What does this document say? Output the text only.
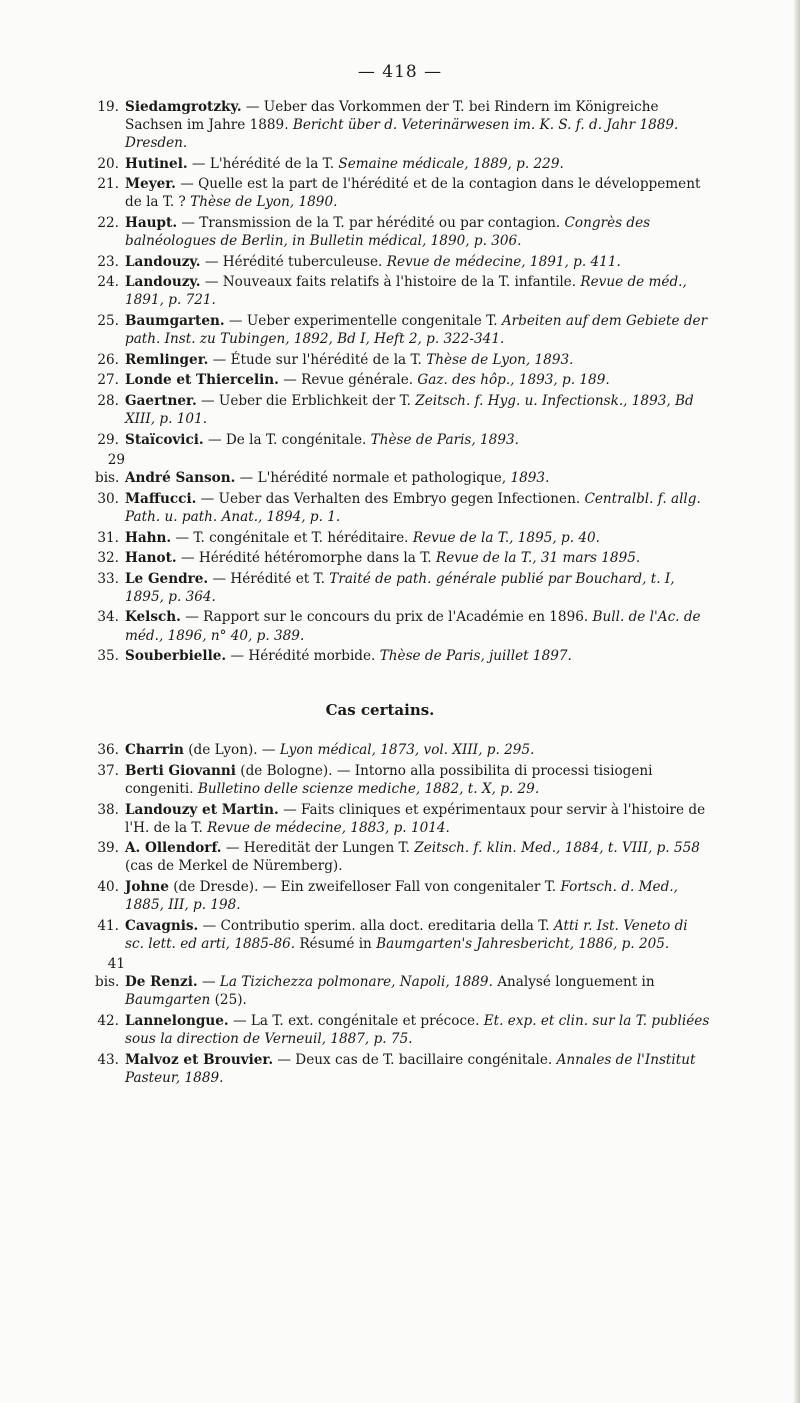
— 418 —
19. Siedamgrotzky. — Ueber das Vorkommen der T. bei Rindern im Königreiche Sachsen im Jahre 1889. Bericht über d. Veterinärwesen im. K. S. f. d. Jahr 1889. Dresden.
20. Hutinel. — L'hérédité de la T. Semaine médicale, 1889, p. 229.
21. Meyer. — Quelle est la part de l'hérédité et de la contagion dans le développement de la T. ? Thèse de Lyon, 1890.
22. Haupt. — Transmission de la T. par hérédité ou par contagion. Congrès des balnéologues de Berlin, in Bulletin médical, 1890, p. 306.
23. Landouzy. — Hérédité tuberculeuse. Revue de médecine, 1891, p. 411.
24. Landouzy. — Nouveaux faits relatifs à l'histoire de la T. infantile. Revue de méd., 1891, p. 721.
25. Baumgarten. — Ueber experimentelle congenitale T. Arbeiten auf dem Gebiete der path. Inst. zu Tubingen, 1892, Bd I, Heft 2, p. 322-341.
26. Remlinger. — Étude sur l'hérédité de la T. Thèse de Lyon, 1893.
27. Londe et Thiercelin. — Revue générale. Gaz. des hôp., 1893, p. 189.
28. Gaertner. — Ueber die Erblichkeit der T. Zeitsch. f. Hyg. u. Infectionsk., 1893, Bd XIII, p. 101.
29. Staïcovici. — De la T. congénitale. Thèse de Paris, 1893.
29 bis. André Sanson. — L'hérédité normale et pathologique, 1893.
30. Maffucci. — Ueber das Verhalten des Embryo gegen Infectionen. Centralbl. f. allg. Path. u. path. Anat., 1894, p. 1.
31. Hahn. — T. congénitale et T. héréditaire. Revue de la T., 1895, p. 40.
32. Hanot. — Hérédité hétéromorphe dans la T. Revue de la T., 31 mars 1895.
33. Le Gendre. — Hérédité et T. Traité de path. générale publié par Bouchard, t. I, 1895, p. 364.
34. Kelsch. — Rapport sur le concours du prix de l'Académie en 1896. Bull. de l'Ac. de méd., 1896, n° 40, p. 389.
35. Souberbielle. — Hérédité morbide. Thèse de Paris, juillet 1897.
Cas certains.
36. Charrin (de Lyon). — Lyon médical, 1873, vol. XIII, p. 295.
37. Berti Giovanni (de Bologne). — Intorno alla possibilita di processi tisiogeni congeniti. Bulletino delle scienze mediche, 1882, t. X, p. 29.
38. Landouzy et Martin. — Faits cliniques et expérimentaux pour servir à l'histoire de l'H. de la T. Revue de médecine, 1883, p. 1014.
39. A. Ollendorf. — Heredität der Lungen T. Zeitsch. f. klin. Med., 1884, t. VIII, p. 558 (cas de Merkel de Nüremberg).
40. Johne (de Dresde). — Ein zweifelloser Fall von congenitaler T. Fortsch. d. Med., 1885, III, p. 198.
41. Cavagnis. — Contributio sperim. alla doct. ereditaria della T. Atti r. Ist. Veneto di sc. lett. ed arti, 1885-86. Résumé in Baumgarten's Jahresbericht, 1886, p. 205.
41 bis. De Renzi. — La Tizichezza polmonare, Napoli, 1889. Analysé longuement in Baumgarten (25).
42. Lannelongue. — La T. ext. congénitale et précoce. Et. exp. et clin. sur la T. publiées sous la direction de Verneuil, 1887, p. 75.
43. Malvoz et Brouvier. — Deux cas de T. bacillaire congénitale. Annales de l'Institut Pasteur, 1889.
